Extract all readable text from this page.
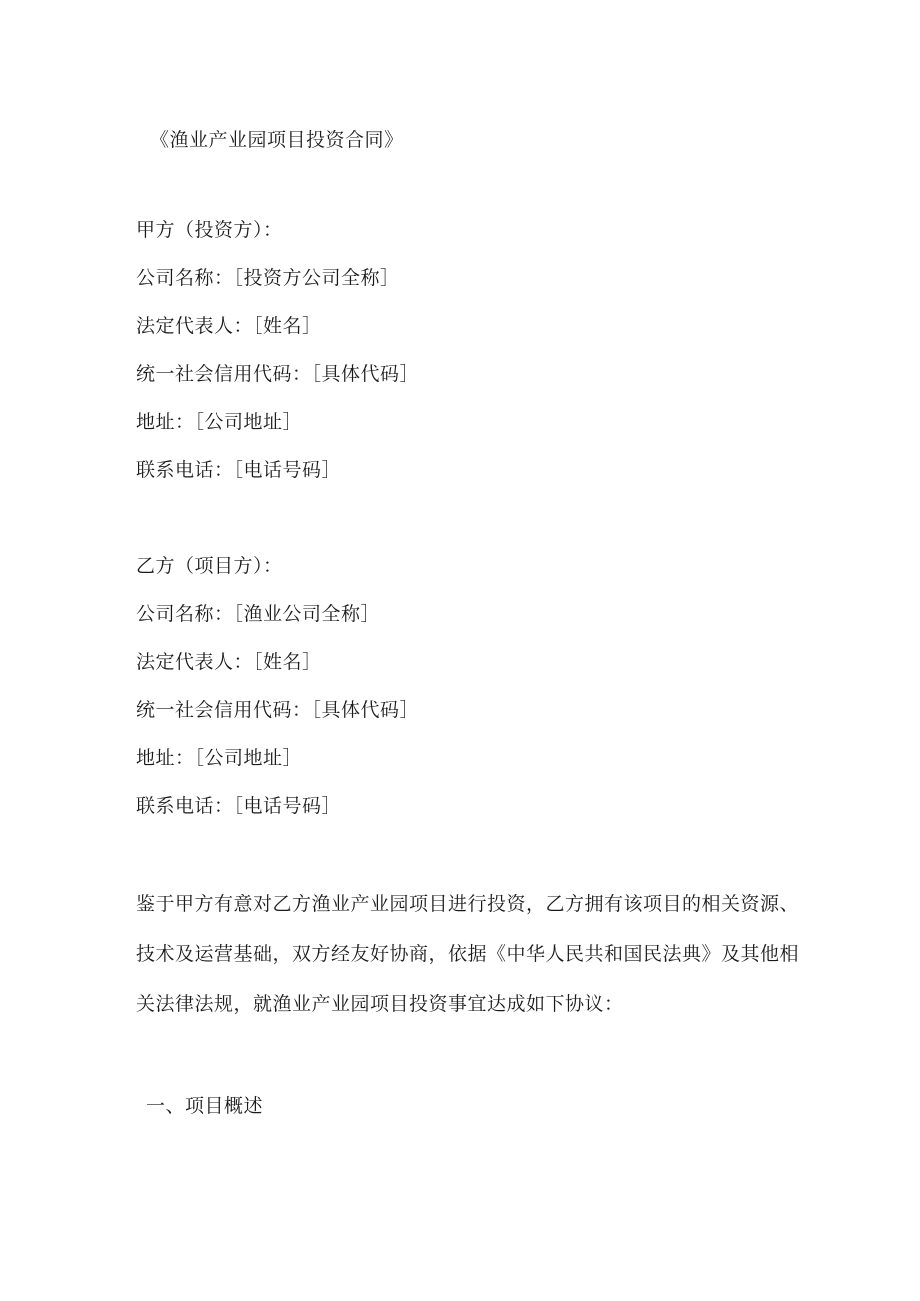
《渔业产业园项目投资合同》
甲方（投资方）：
公司名称：［投资方公司全称］
法定代表人：［姓名］
统一社会信用代码：［具体代码］
地址：［公司地址］
联系电话：［电话号码］
乙方（项目方）：
公司名称：［渔业公司全称］
法定代表人：［姓名］
统一社会信用代码：［具体代码］
地址：［公司地址］
联系电话：［电话号码］
鉴于甲方有意对乙方渔业产业园项目进行投资，乙方拥有该项目的相关资源、
技术及运营基础，双方经友好协商，依据《中华人民共和国民法典》及其他相
关法律法规，就渔业产业园项目投资事宜达成如下协议：
一、项目概述
